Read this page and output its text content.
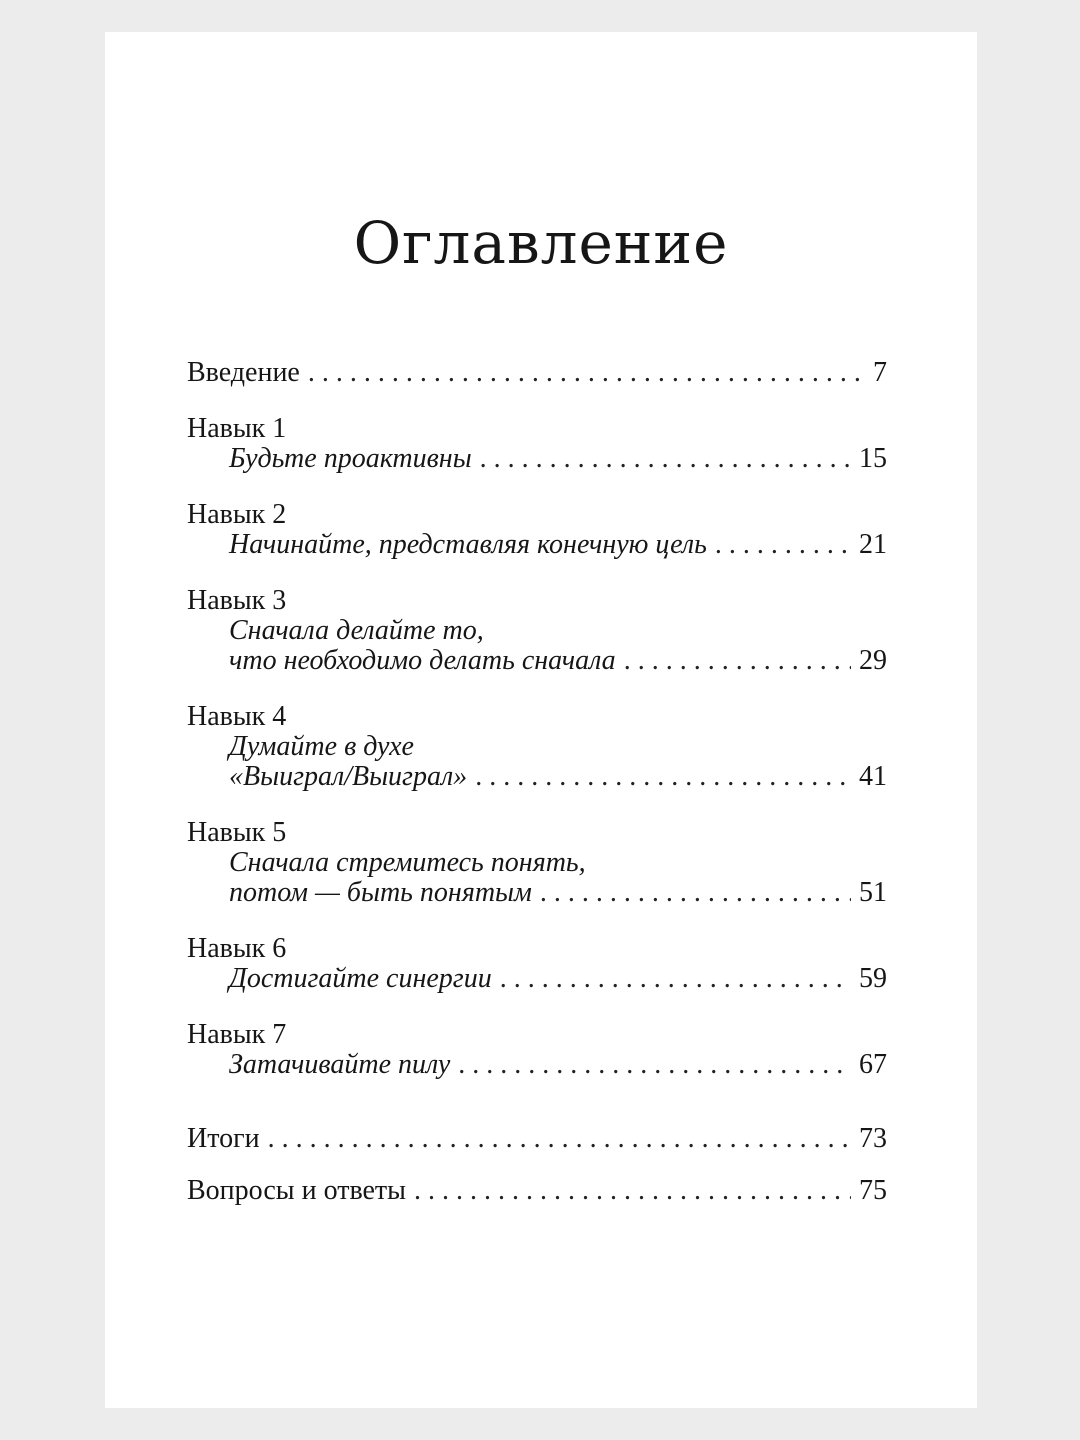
Оглавление
Введение . . .	7
Навык 1
Будьте проактивны . . .	15
Навык 2
Начинайте, представляя конечную цель . . .	21
Навык 3
Сначала делайте то,
что необходимо делать сначала . . .	29
Навык 4
Думайте в духе
«Выиграл/Выиграл» . . .	41
Навык 5
Сначала стремитесь понять,
потом — быть понятым . . .	51
Навык 6
Достигайте синергии . . .	59
Навык 7
Затачивайте пилу . . .	67
Итоги . . .	73
Вопросы и ответы . . .	75
